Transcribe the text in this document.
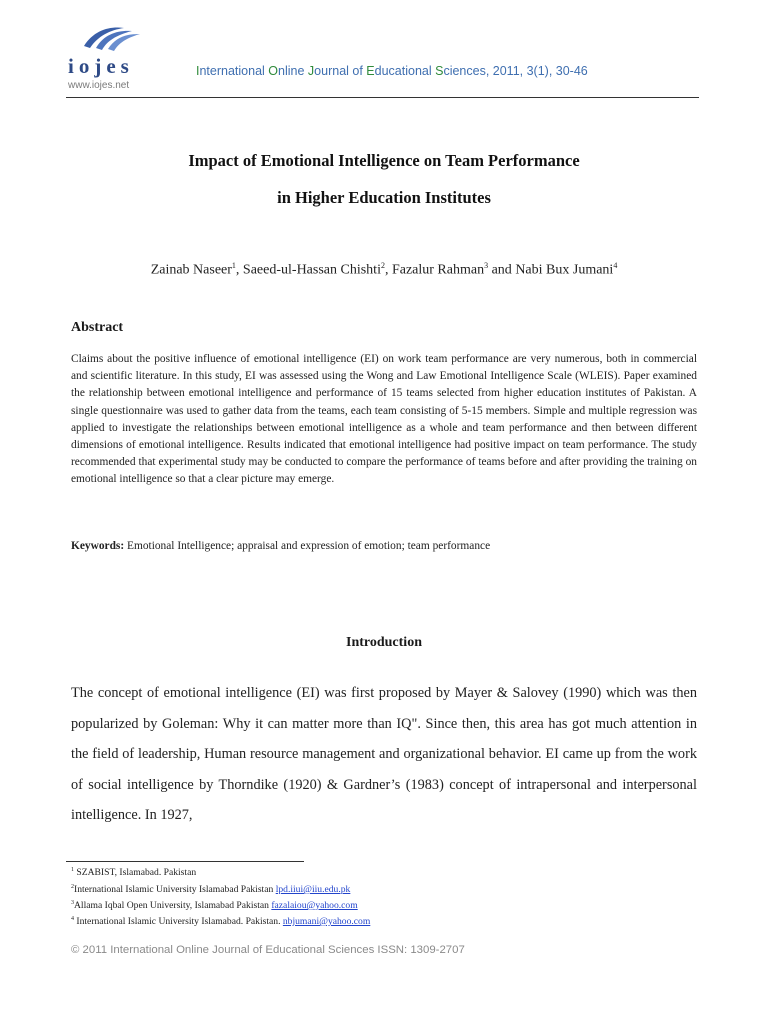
iojes
www.iojes.net
International Online Journal of Educational Sciences, 2011, 3(1), 30-46
Impact of Emotional Intelligence on Team Performance
in Higher Education Institutes
Zainab Naseer$^1$, Saeed-ul-Hassan Chishti$^2$, Fazalur Rahman$^3$ and Nabi Bux Jumani$^4$
Abstract
Claims about the positive influence of emotional intelligence (EI) on work team performance are very numerous, both in commercial and scientific literature. In this study, EI was assessed using the Wong and Law Emotional Intelligence Scale (WLEIS). Paper examined the relationship between emotional intelligence and performance of 15 teams selected from higher education institutes of Pakistan. A single questionnaire was used to gather data from the teams, each team consisting of 5-15 members. Simple and multiple regression was applied to investigate the relationships between emotional intelligence as a whole and team performance and then between different dimensions of emotional intelligence. Results indicated that emotional intelligence had positive impact on team performance. The study recommended that experimental study may be conducted to compare the performance of teams before and after providing the training on emotional intelligence so that a clear picture may emerge.
Keywords: Emotional Intelligence; appraisal and expression of emotion; team performance
Introduction
The concept of emotional intelligence (EI) was first proposed by Mayer & Salovey (1990) which was then popularized by Goleman: Why it can matter more than IQ". Since then, this area has got much attention in the field of leadership, Human resource management and organizational behavior. EI came up from the work of social intelligence by Thorndike (1920) & Gardner’s (1983) concept of intrapersonal and interpersonal intelligence. In 1927,
$^1$ SZABIST, Islamabad. Pakistan
$^2$International Islamic University Islamabad Pakistan lpd.iiui@iiu.edu.pk
$^3$Allama Iqbal Open University, Islamabad Pakistan fazalaiou@yahoo.com
$^4$ International Islamic University Islamabad. Pakistan. nbjumani@yahoo.com
© 2011 International Online Journal of Educational Sciences ISSN: 1309-2707
